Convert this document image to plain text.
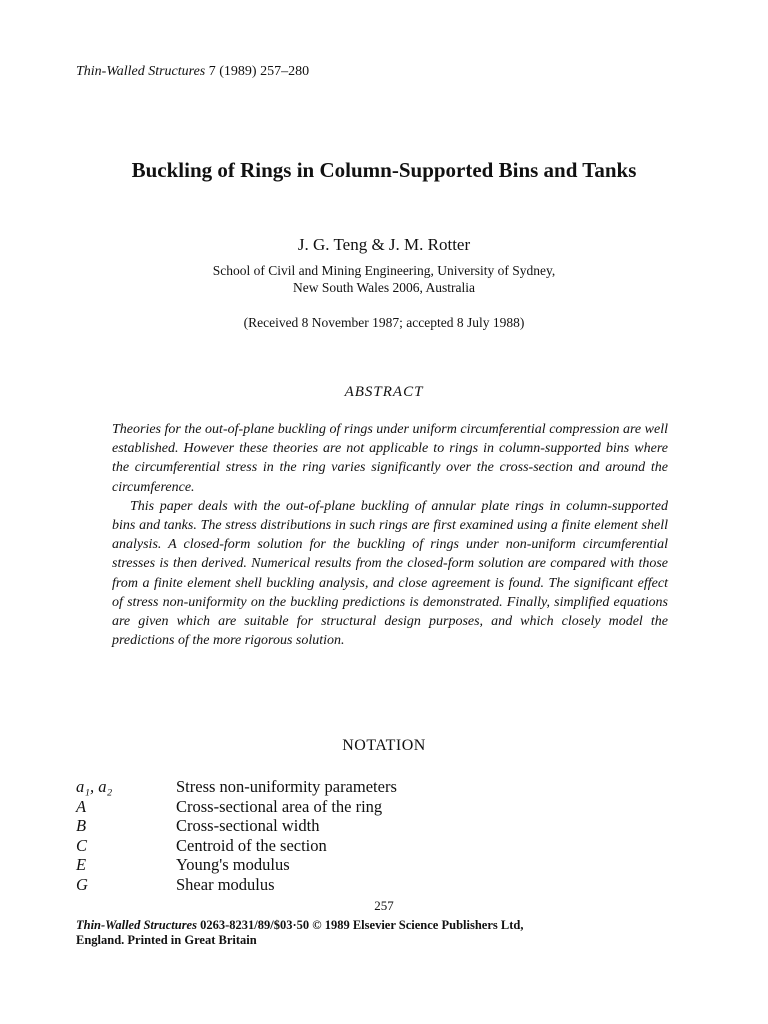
Thin-Walled Structures 7 (1989) 257–280
Buckling of Rings in Column-Supported Bins and Tanks
J. G. Teng & J. M. Rotter
School of Civil and Mining Engineering, University of Sydney,
New South Wales 2006, Australia
(Received 8 November 1987; accepted 8 July 1988)
ABSTRACT

Theories for the out-of-plane buckling of rings under uniform circumferential compression are well established. However these theories are not applicable to rings in column-supported bins where the circumferential stress in the ring varies significantly over the cross-section and around the circumference.

This paper deals with the out-of-plane buckling of annular plate rings in column-supported bins and tanks. The stress distributions in such rings are first examined using a finite element shell analysis. A closed-form solution for the buckling of rings under non-uniform circumferential stresses is then derived. Numerical results from the closed-form solution are compared with those from a finite element shell buckling analysis, and close agreement is found. The significant effect of stress non-uniformity on the buckling predictions is demonstrated. Finally, simplified equations are given which are suitable for structural design purposes, and which closely model the predictions of the more rigorous solution.

NOTATION
a₁, a₂	Stress non-uniformity parameters
A	Cross-sectional area of the ring
B	Cross-sectional width
C	Centroid of the section
E	Young's modulus
G	Shear modulus
257
Thin-Walled Structures 0263-8231/89/$03·50 © 1989 Elsevier Science Publishers Ltd,
England. Printed in Great Britain
